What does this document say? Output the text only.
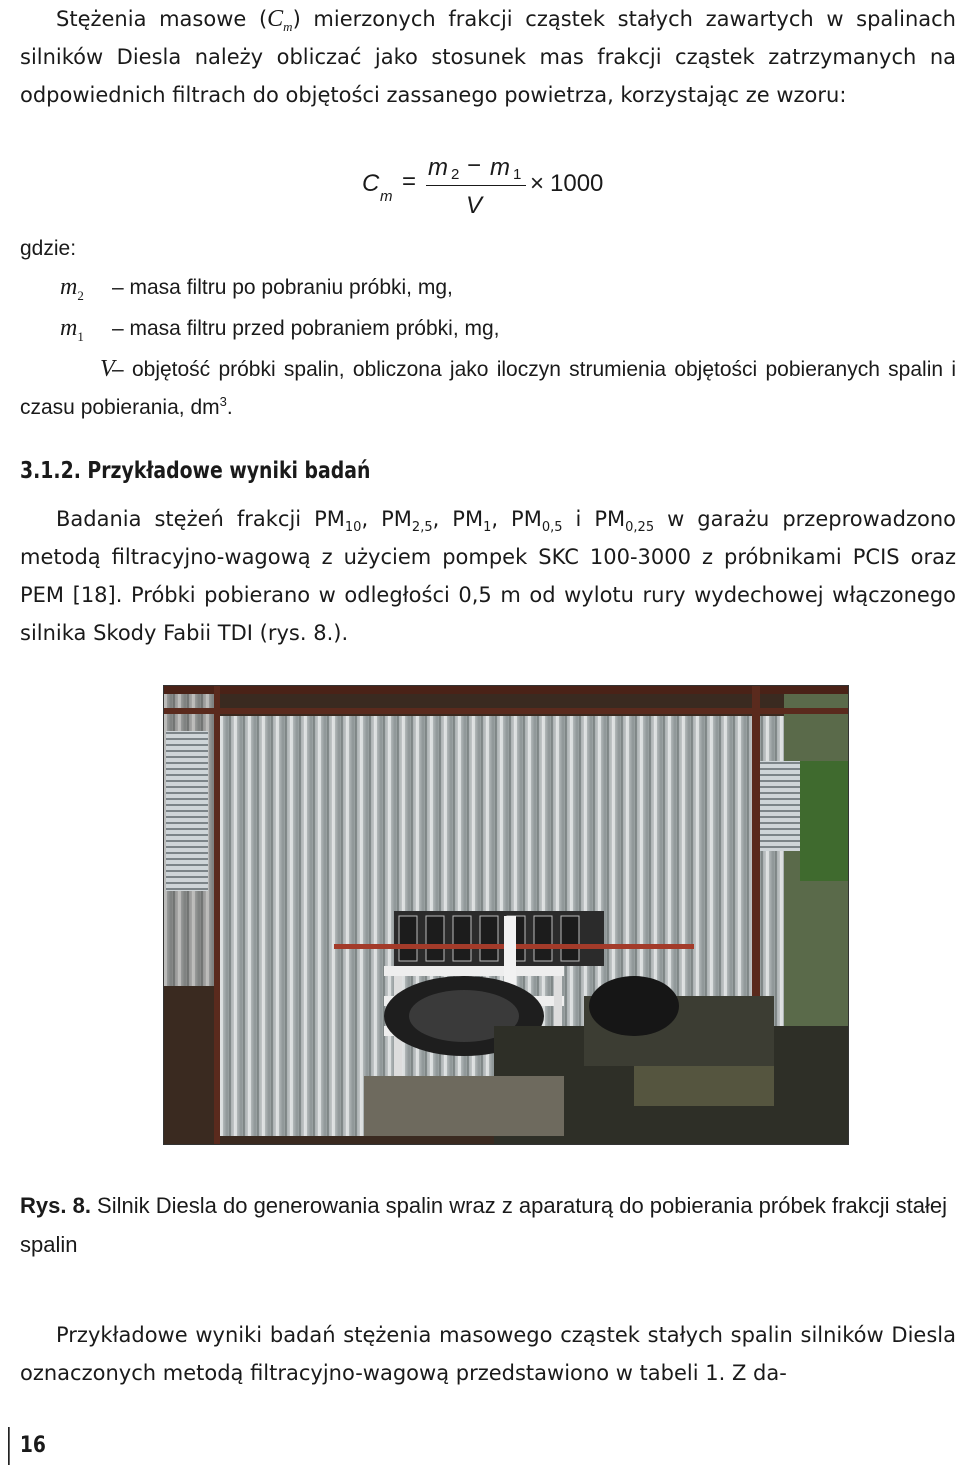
Stężenia masowe $(C_m)$ mierzonych frakcji cząstek stałych zawartych w spalinach silników Diesla należy obliczać jako stosunek mas frakcji cząstek zatrzymanych na odpowiednich filtrach do objętości zassanego powietrza, korzystając ze wzoru:
C m
=
m 2 − m 1
V
× 1000
gdzie:
$m_2$ – masa filtru po pobraniu próbki, mg,
$m_1$ – masa filtru przed pobraniem próbki, mg,
V– objętość próbki spalin, obliczona jako iloczyn strumienia objętości pobieranych spalin i czasu pobierania, $dm^3$.
3.1.2. Przykładowe wyniki badań
Badania stężeń frakcji $PM_{10}$, $PM_{2,5}$, $PM_1$, $PM_{0,5}$ i $PM_{0,25}$ w garażu przeprowadzono metodą filtracyjno-wagową z użyciem pompek SKC 100-3000 z próbnikami PCIS oraz PEM [18]. Próbki pobierano w odległości 0,5 m od wylotu rury wydechowej włączonego silnika Skody Fabii TDI (rys. 8.).
Rys. 8. Silnik Diesla do generowania spalin wraz z aparaturą do pobierania próbek frakcji stałej spalin
Przykładowe wyniki badań stężenia masowego cząstek stałych spalin silników Diesla oznaczonych metodą filtracyjno-wagową przedstawiono w tabeli 1. Z da-
16
